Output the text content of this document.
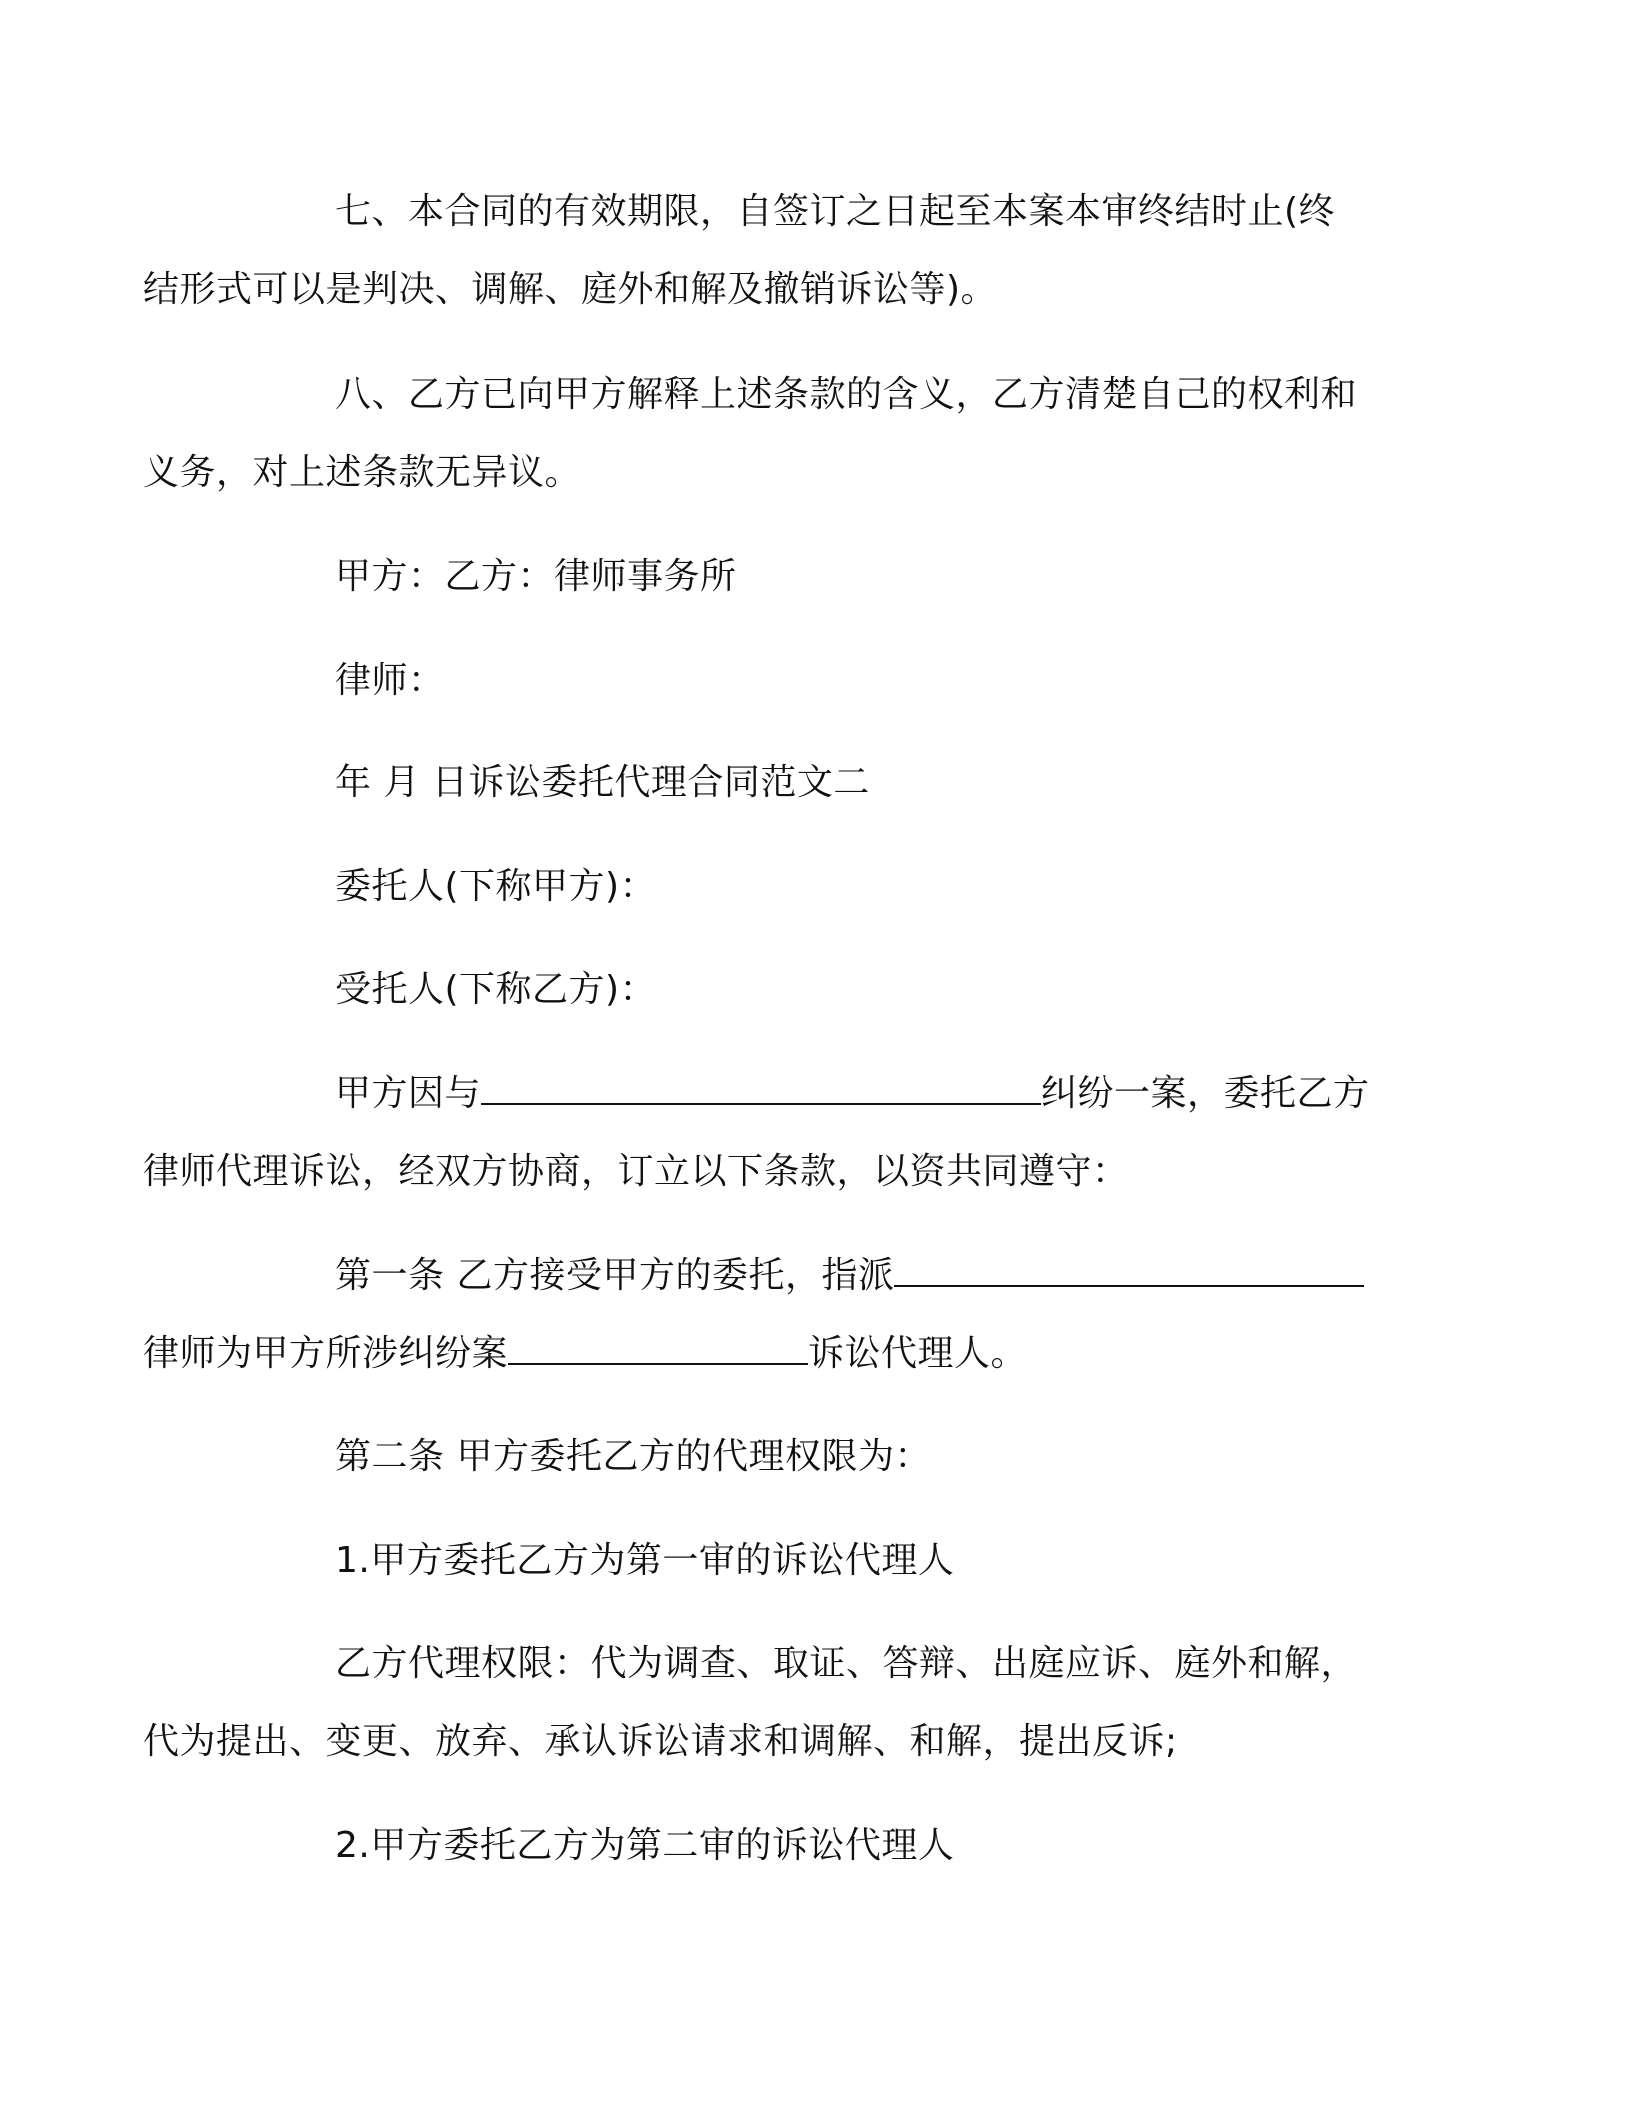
七、本合同的有效期限，自签订之日起至本案本审终结时止(终
结形式可以是判决、调解、庭外和解及撤销诉讼等)。

八、乙方已向甲方解释上述条款的含义，乙方清楚自己的权利和
义务，对上述条款无异议。

甲方：乙方：律师事务所

律师：

年 月 日诉讼委托代理合同范文二

委托人(下称甲方)：

受托人(下称乙方)：

甲方因与	纠纷一案，委托乙方
律师代理诉讼，经双方协商，订立以下条款，以资共同遵守：

第一条 乙方接受甲方的委托，指派
律师为甲方所涉纠纷案	诉讼代理人。

第二条 甲方委托乙方的代理权限为：

1.甲方委托乙方为第一审的诉讼代理人

乙方代理权限：代为调查、取证、答辩、出庭应诉、庭外和解，
代为提出、变更、放弃、承认诉讼请求和调解、和解，提出反诉;

2.甲方委托乙方为第二审的诉讼代理人
